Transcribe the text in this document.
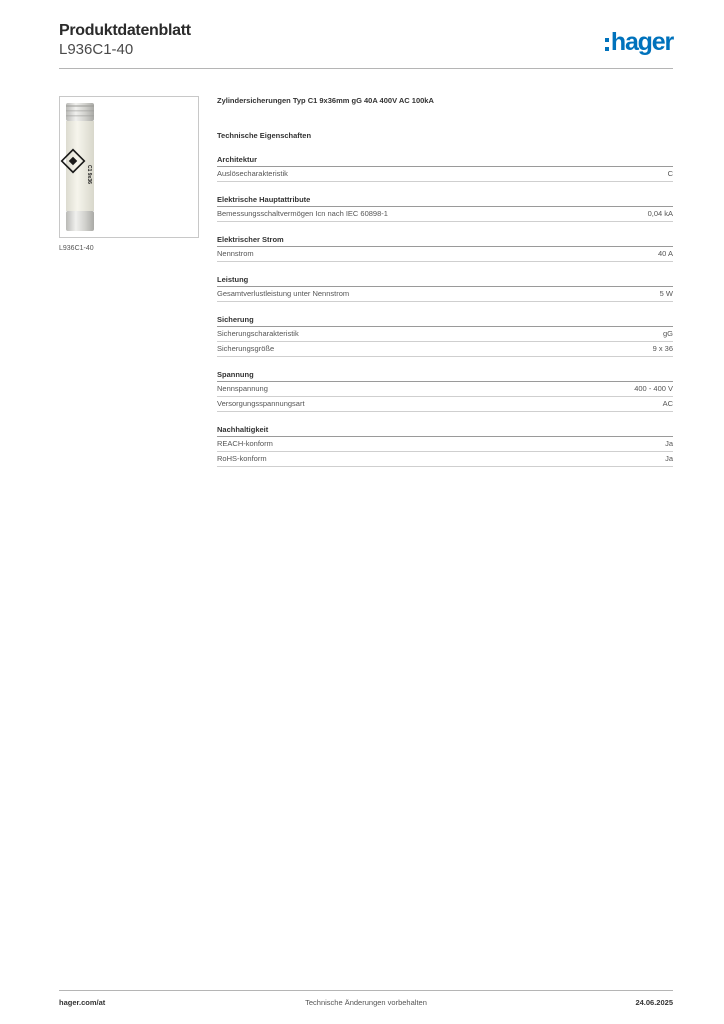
Produktdatenblatt
L936C1-40	hager
C1 9x36
L936C1-40
Zylindersicherungen Typ C1 9x36mm gG 40A 400V AC 100kA
Technische Eigenschaften
Architektur
Auslösecharakteristik	C
Elektrische Hauptattribute
Bemessungsschaltvermögen Icn nach IEC 60898-1	0,04 kA
Elektrischer Strom
Nennstrom	40 A
Leistung
Gesamtverlustleistung unter Nennstrom	5 W
Sicherung
Sicherungscharakteristik	gG
Sicherungsgröße	9 x 36
Spannung
Nennspannung	400 - 400 V
Versorgungsspannungsart	AC
Nachhaltigkeit
REACH-konform	Ja
RoHS-konform	Ja
hager.com/at	Technische Änderungen vorbehalten	24.06.2025
